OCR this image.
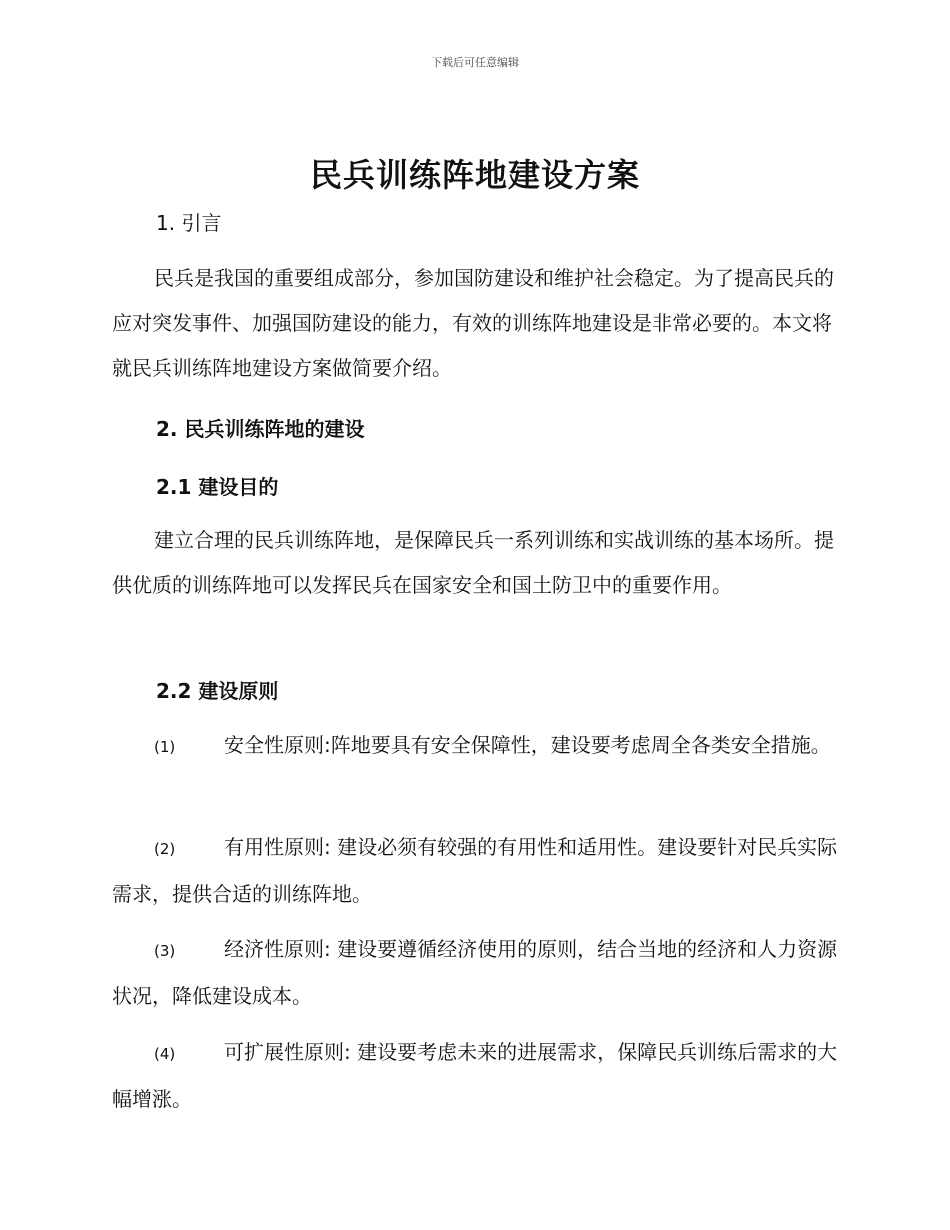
下载后可任意编辑
民兵训练阵地建设方案
1. 引言

民兵是我国的重要组成部分，参加国防建设和维护社会稳定。为了提高民兵的应对突发事件、加强国防建设的能力，有效的训练阵地建设是非常必要的。本文将就民兵训练阵地建设方案做简要介绍。

2. 民兵训练阵地的建设
2.1 建设目的

建立合理的民兵训练阵地，是保障民兵一系列训练和实战训练的基本场所。提供优质的训练阵地可以发挥民兵在国家安全和国土防卫中的重要作用。

2.2 建设原则

(1) 安全性原则:阵地要具有安全保障性，建设要考虑周全各类安全措施。

(2) 有用性原则: 建设必须有较强的有用性和适用性。建设要针对民兵实际需求，提供合适的训练阵地。

(3) 经济性原则: 建设要遵循经济使用的原则，结合当地的经济和人力资源状况，降低建设成本。

(4) 可扩展性原则: 建设要考虑未来的进展需求，保障民兵训练后需求的大幅增涨。
